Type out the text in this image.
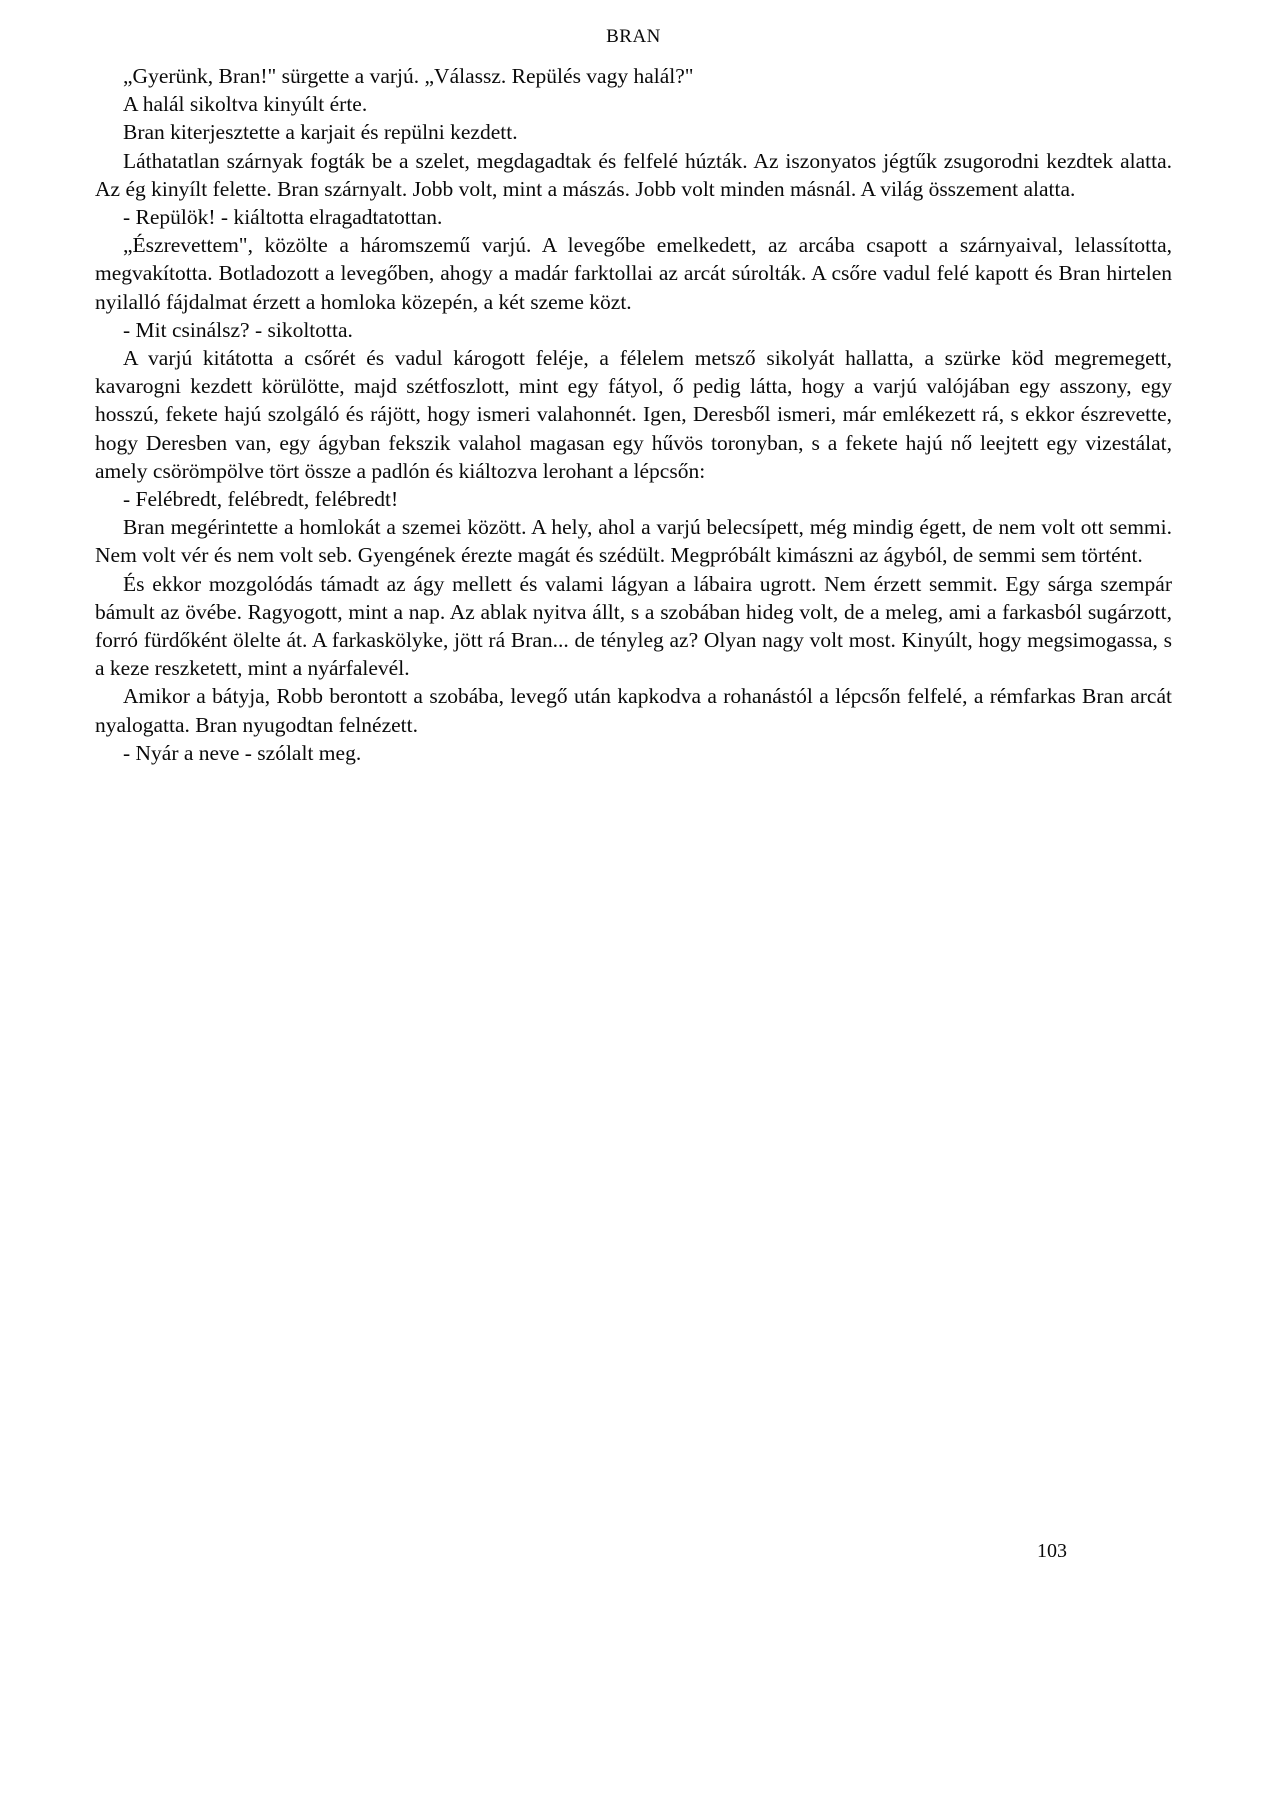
BRAN

„Gyerünk, Bran!" sürgette a varjú. „Válassz. Repülés vagy halál?"

A halál sikoltva kinyúlt érte.

Bran kiterjesztette a karjait és repülni kezdett.

Láthatatlan szárnyak fogták be a szelet, megdagadtak és felfelé húzták. Az iszonyatos jégtűk zsugorodni kezdtek alatta. Az ég kinyílt felette. Bran szárnyalt. Jobb volt, mint a mászás. Jobb volt minden másnál. A világ összement alatta.

- Repülök! - kiáltotta elragadtatottan.

„Észrevettem", közölte a háromszemű varjú. A levegőbe emelkedett, az arcába csapott a szárnyaival, lelassította, megvakította. Botladozott a levegőben, ahogy a madár farktollai az arcát súrolták. A csőre vadul felé kapott és Bran hirtelen nyilalló fájdalmat érzett a homloka közepén, a két szeme közt.

- Mit csinálsz? - sikoltotta.

A varjú kitátotta a csőrét és vadul károgott feléje, a félelem metsző sikolyát hallatta, a szürke köd megremegett, kavarogni kezdett körülötte, majd szétfoszlott, mint egy fátyol, ő pedig látta, hogy a varjú valójában egy asszony, egy hosszú, fekete hajú szolgáló és rájött, hogy ismeri valahonnét. Igen, Deresből ismeri, már emlékezett rá, s ekkor észrevette, hogy Deresben van, egy ágyban fekszik valahol magasan egy hűvös toronyban, s a fekete hajú nő leejtett egy vizestálat, amely csörömpölve tört össze a padlón és kiáltozva lerohant a lépcsőn:

- Felébredt, felébredt, felébredt!

Bran megérintette a homlokát a szemei között. A hely, ahol a varjú belecsípett, még mindig égett, de nem volt ott semmi. Nem volt vér és nem volt seb. Gyengének érezte magát és szédült. Megpróbált kimászni az ágyból, de semmi sem történt.

És ekkor mozgolódás támadt az ágy mellett és valami lágyan a lábaira ugrott. Nem érzett semmit. Egy sárga szempár bámult az övébe. Ragyogott, mint a nap. Az ablak nyitva állt, s a szobában hideg volt, de a meleg, ami a farkasból sugárzott, forró fürdőként ölelte át. A farkaskölyke, jött rá Bran... de tényleg az? Olyan nagy volt most. Kinyúlt, hogy megsimogassa, s a keze reszketett, mint a nyárfalevél.

Amikor a bátyja, Robb berontott a szobába, levegő után kapkodva a rohanástól a lépcsőn felfelé, a rémfarkas Bran arcát nyalogatta. Bran nyugodtan felnézett.

- Nyár a neve - szólalt meg.

103
